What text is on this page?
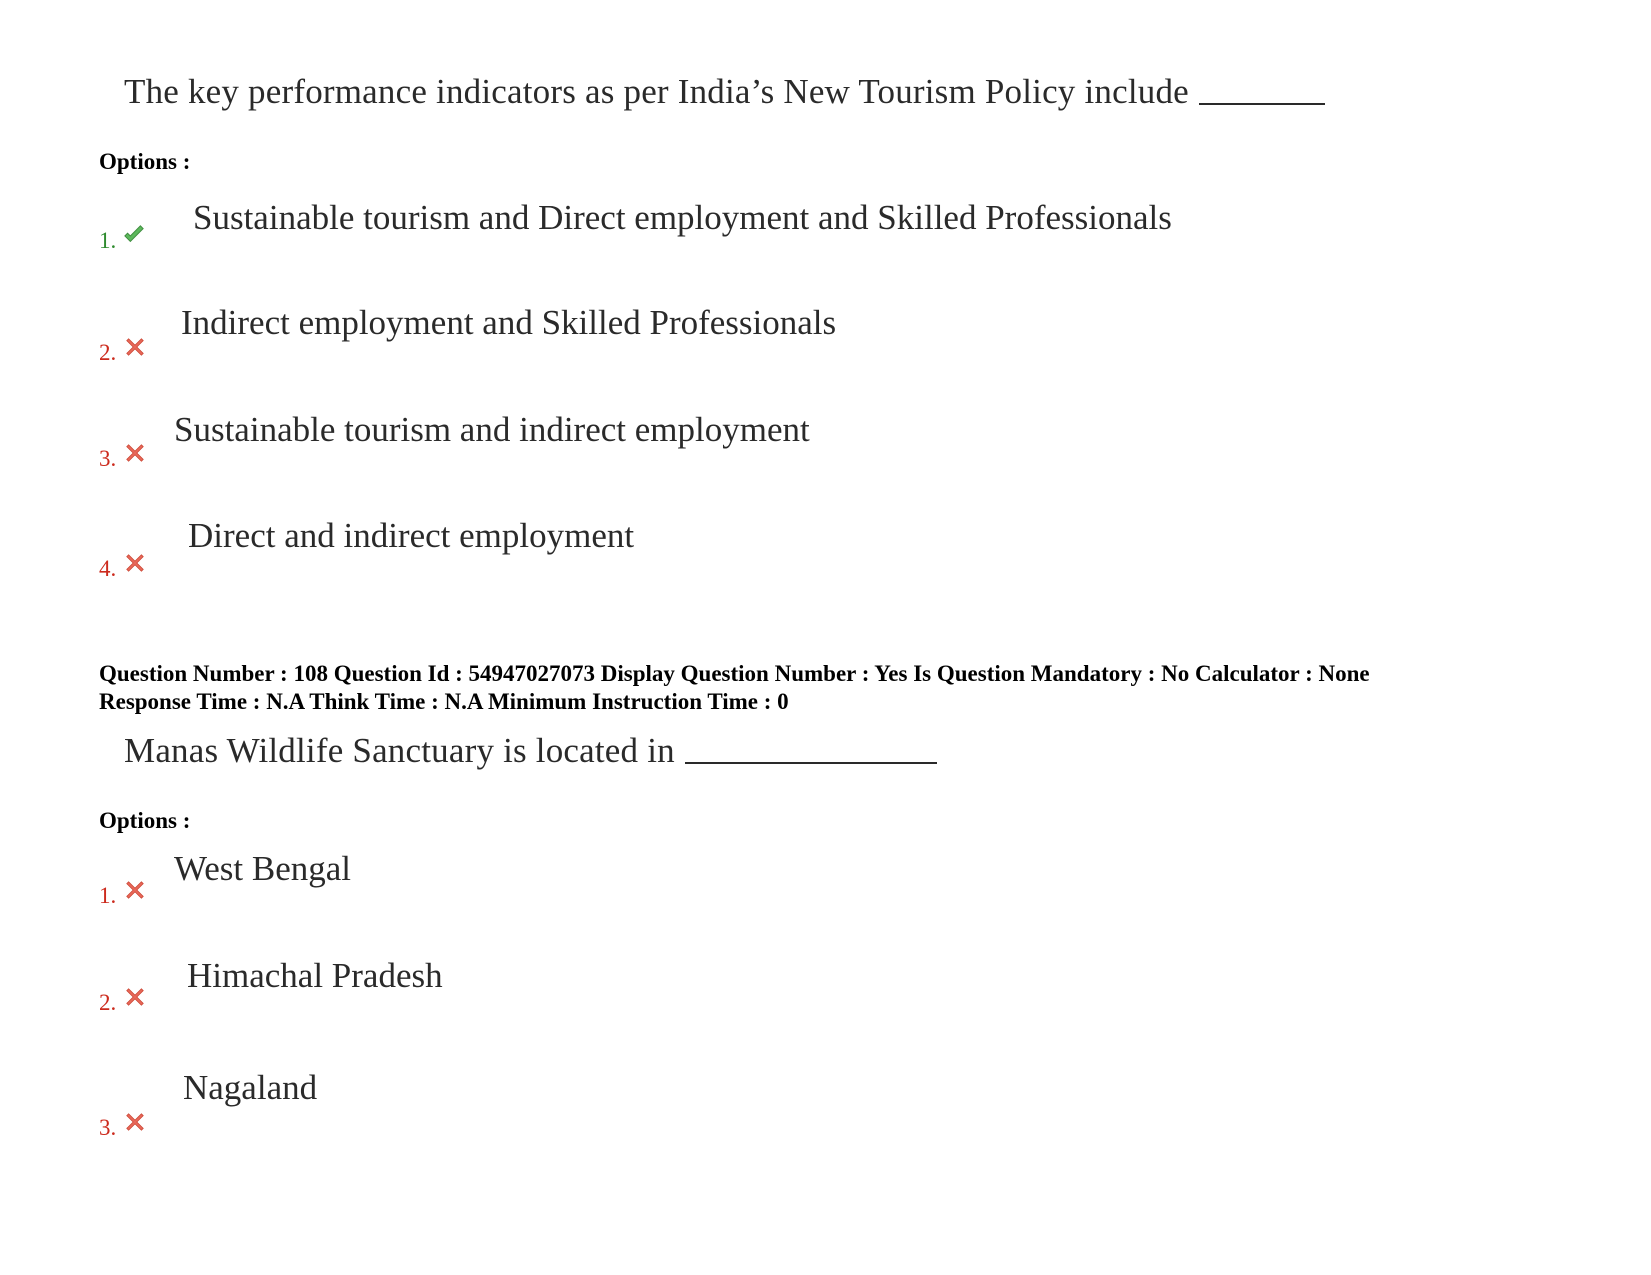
The key performance indicators as per India’s New Tourism Policy include
Options :
1.
Sustainable tourism and Direct employment and Skilled Professionals
2.
Indirect employment and Skilled Professionals
3.
Sustainable tourism and indirect employment
4.
Direct and indirect employment
Question Number : 108 Question Id : 54947027073 Display Question Number : Yes Is Question Mandatory : No Calculator : None
Response Time : N.A Think Time : N.A Minimum Instruction Time : 0
Manas Wildlife Sanctuary is located in
Options :
1.
West Bengal
2.
Himachal Pradesh
3.
Nagaland
